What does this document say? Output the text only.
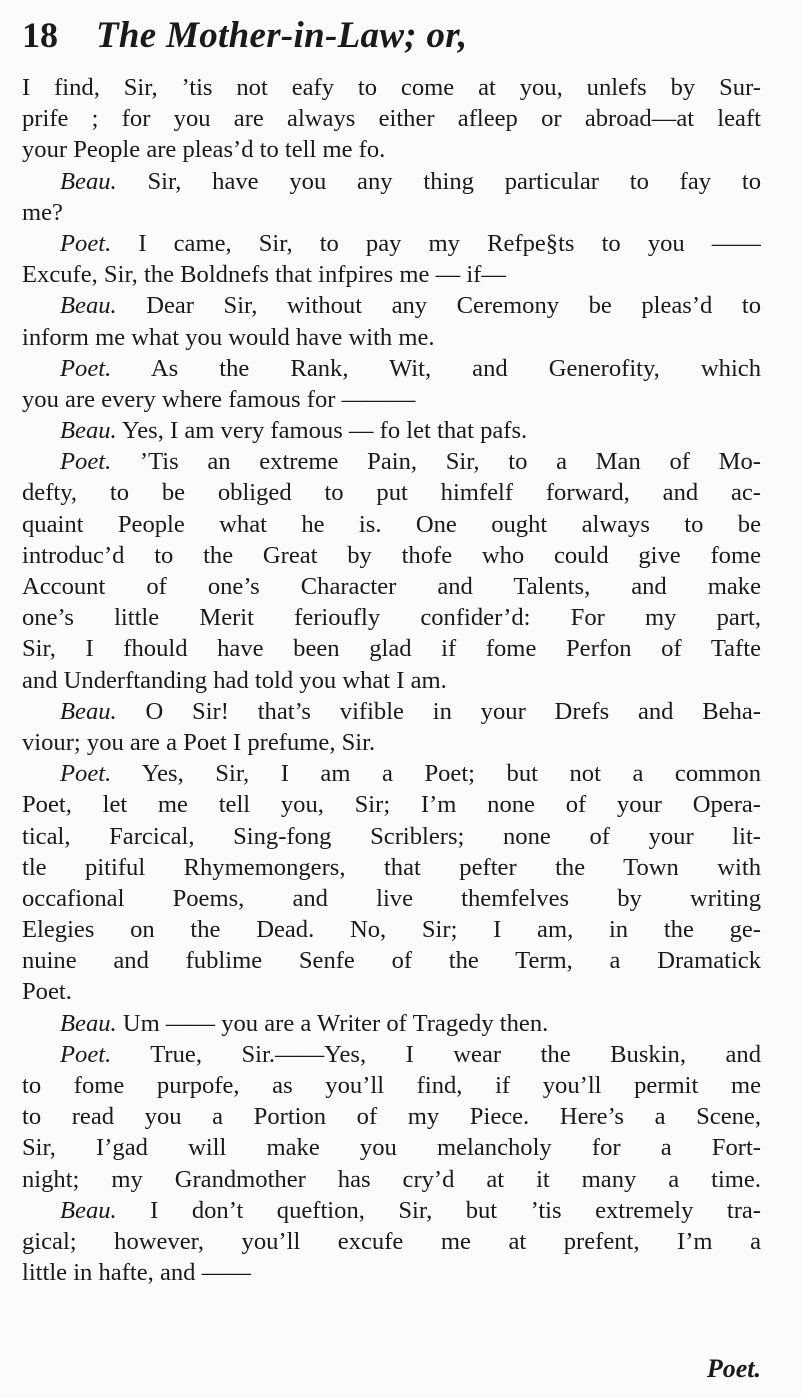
18	The Mother-in-Law; or,
I find, Sir, ’tis not eafy to come at you, unlefs by Sur-
prife ; for you are always either afleep or abroad—at leaft
your People are pleas’d to tell me fo.
Beau. Sir, have you any thing particular to fay to
me?
Poet. I came, Sir, to pay my Refpe§ts to you ——
Excufe, Sir, the Boldnefs that infpires me — if—
Beau. Dear Sir, without any Ceremony be pleas’d to
inform me what you would have with me.
Poet. As the Rank, Wit, and Generofity, which
you are every where famous for ———
Beau. Yes, I am very famous — fo let that pafs.
Poet. ’Tis an extreme Pain, Sir, to a Man of Mo-
defty, to be obliged to put himfelf forward, and ac-
quaint People what he is. One ought always to be
introduc’d to the Great by thofe who could give fome
Account of one’s Character and Talents, and make
one’s little Merit ferioufly confider’d: For my part,
Sir, I fhould have been glad if fome Perfon of Tafte
and Underftanding had told you what I am.
Beau. O Sir! that’s vifible in your Drefs and Beha-
viour; you are a Poet I prefume, Sir.
Poet. Yes, Sir, I am a Poet; but not a common
Poet, let me tell you, Sir; I’m none of your Opera-
tical, Farcical, Sing-fong Scriblers; none of your lit-
tle pitiful Rhymemongers, that pefter the Town with
occafional Poems, and live themfelves by writing
Elegies on the Dead. No, Sir; I am, in the ge-
nuine and fublime Senfe of the Term, a Dramatick
Poet.
Beau. Um —— you are a Writer of Tragedy then.
Poet. True, Sir.——Yes, I wear the Buskin, and
to fome purpofe, as you’ll find, if you’ll permit me
to read you a Portion of my Piece. Here’s a Scene,
Sir, I’gad will make you melancholy for a Fort-
night; my Grandmother has cry’d at it many a time.
Beau. I don’t queftion, Sir, but ’tis extremely tra-
gical; however, you’ll excufe me at prefent, I’m a
little in hafte, and ——
Poet.
